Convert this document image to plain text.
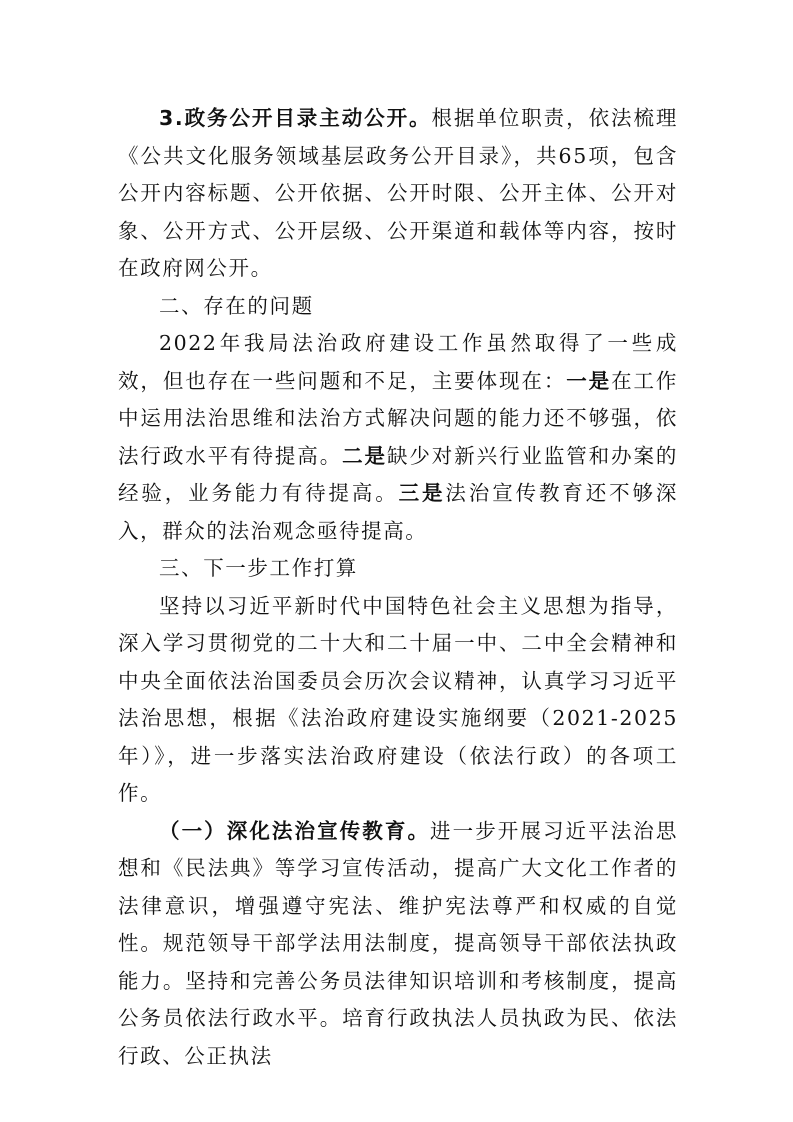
3.政务公开目录主动公开。根据单位职责，依法梳理《公共文化服务领域基层政务公开目录》，共65项，包含公开内容标题、公开依据、公开时限、公开主体、公开对象、公开方式、公开层级、公开渠道和载体等内容，按时在政府网公开。

二、存在的问题

2022年我局法治政府建设工作虽然取得了一些成效，但也存在一些问题和不足，主要体现在：一是在工作中运用法治思维和法治方式解决问题的能力还不够强，依法行政水平有待提高。二是缺少对新兴行业监管和办案的经验，业务能力有待提高。三是法治宣传教育还不够深入，群众的法治观念亟待提高。

三、下一步工作打算

坚持以习近平新时代中国特色社会主义思想为指导，深入学习贯彻党的二十大和二十届一中、二中全会精神和中央全面依法治国委员会历次会议精神，认真学习习近平法治思想，根据《法治政府建设实施纲要（2021-2025年）》，进一步落实法治政府建设（依法行政）的各项工作。

（一）深化法治宣传教育。进一步开展习近平法治思想和《民法典》等学习宣传活动，提高广大文化工作者的法律意识，增强遵守宪法、维护宪法尊严和权威的自觉性。规范领导干部学法用法制度，提高领导干部依法执政能力。坚持和完善公务员法律知识培训和考核制度，提高公务员依法行政水平。培育行政执法人员执政为民、依法行政、公正执法
